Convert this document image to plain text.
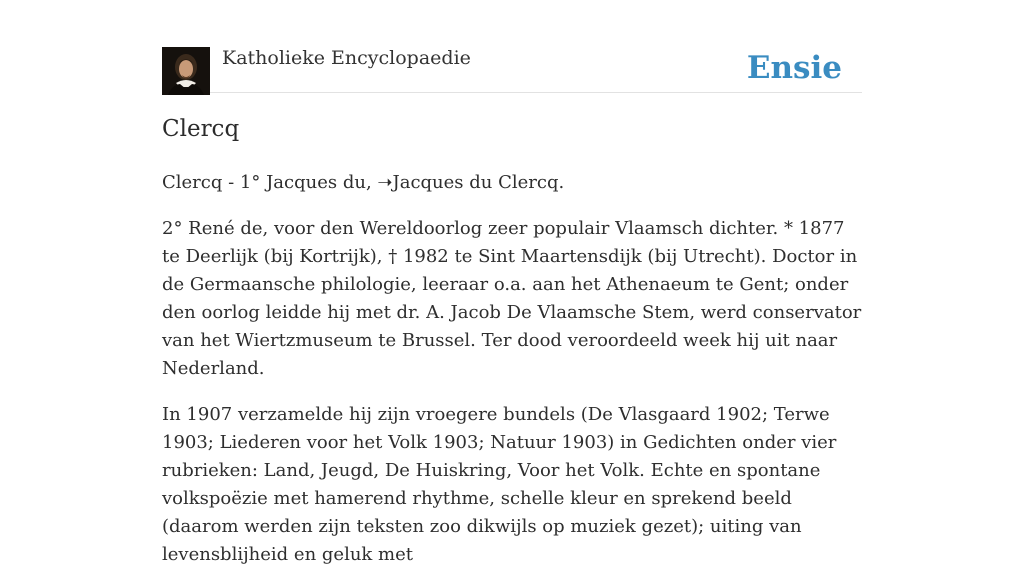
Katholieke Encyclopaedie	Ensie
Clercq

Clercq - 1° Jacques du, ➝Jacques du Clercq.

2° René de, voor den Wereldoorlog zeer populair Vlaamsch dichter. * 1877 te Deerlijk (bij Kortrijk), † 1982 te Sint Maartensdijk (bij Utrecht). Doctor in de Germaansche philologie, leeraar o.a. aan het Athenaeum te Gent; onder den oorlog leidde hij met dr. A. Jacob De Vlaamsche Stem, werd conservator van het Wiertzmuseum te Brussel. Ter dood veroordeeld week hij uit naar Nederland.

In 1907 verzamelde hij zijn vroegere bundels (De Vlasgaard 1902; Terwe 1903; Liederen voor het Volk 1903; Natuur 1903) in Gedichten onder vier rubrieken: Land, Jeugd, De Huiskring, Voor het Volk. Echte en spontane volkspoëzie met hamerend rhythme, schelle kleur en sprekend beeld (daarom werden zijn teksten zoo dikwijls op muziek gezet); uiting van levensblijheid en geluk met
